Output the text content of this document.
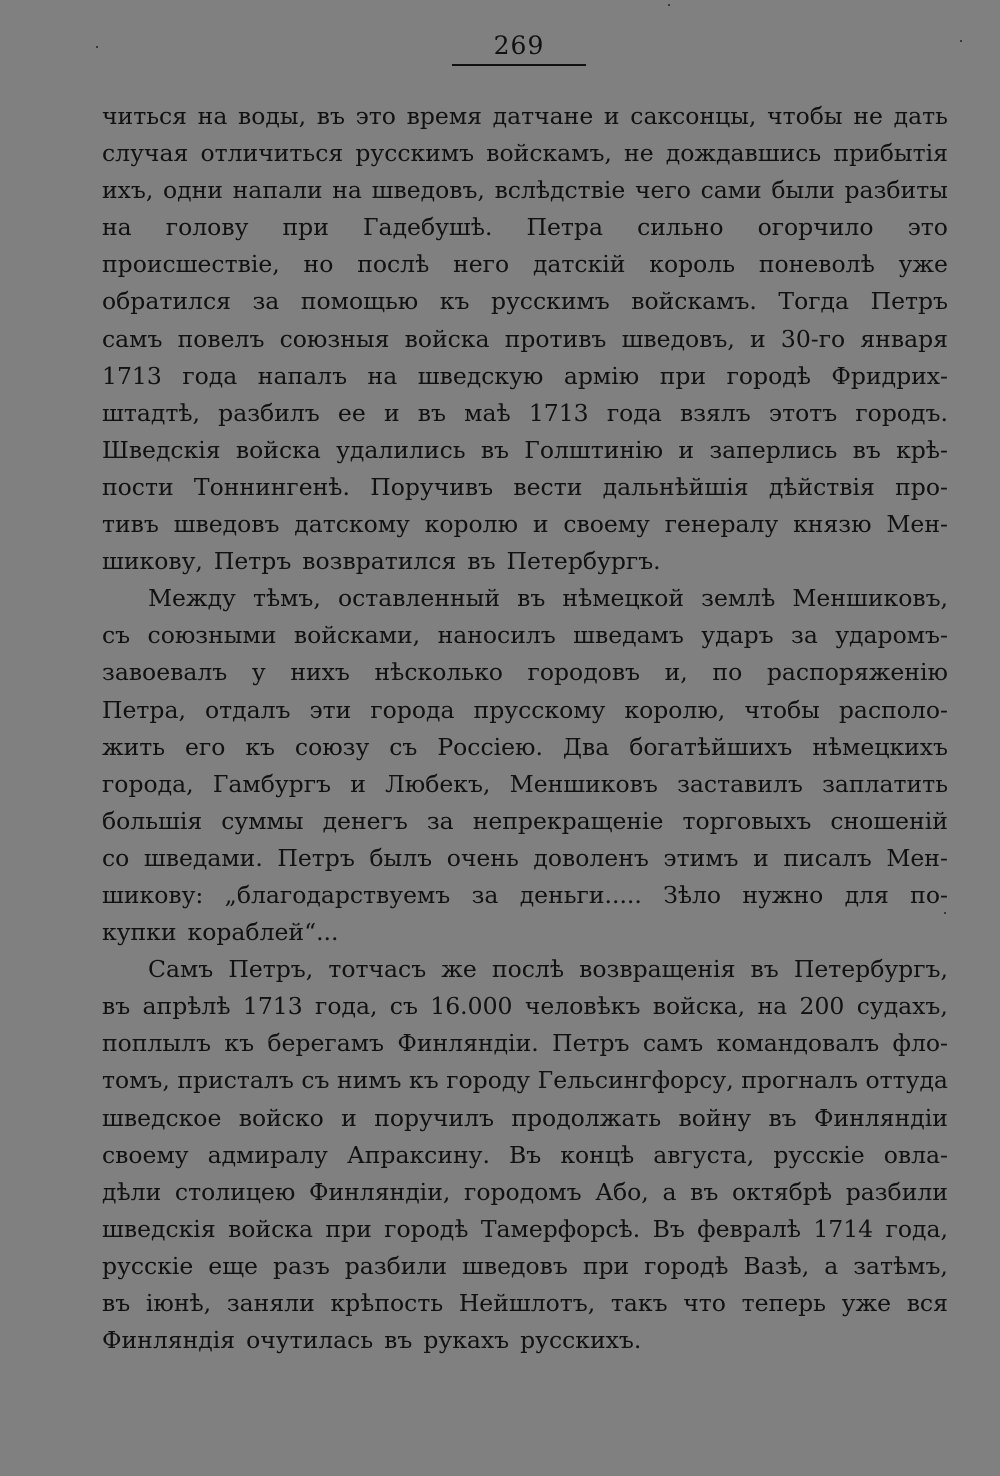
269
читься на воды, въ это время датчане и саксонцы, чтобы не дать
случая отличиться русскимъ войскамъ, не дождавшись прибытія
ихъ, одни напали на шведовъ, вслѣдствіе чего сами были разбиты
на голову при Гадебушѣ. Петра сильно огорчило это
происшествіе, но послѣ него датскій король поневолѣ уже
обратился за помощью къ русскимъ войскамъ. Тогда Петръ
самъ повелъ союзныя войска противъ шведовъ, и 30-го января
1713 года напалъ на шведскую армію при городѣ Фридрих-
штадтѣ, разбилъ ее и въ маѣ 1713 года взялъ этотъ городъ.
Шведскія войска удалились въ Голштинію и заперлись въ крѣ-
пости Тоннингенѣ. Поручивъ вести дальнѣйшія дѣйствія про-
тивъ шведовъ датскому королю и своему генералу князю Мен-
шикову, Петръ возвратился въ Петербургъ.
Между тѣмъ, оставленный въ нѣмецкой землѣ Меншиковъ,
съ союзными войсками, наносилъ шведамъ ударъ за ударомъ-
завоевалъ у нихъ нѣсколько городовъ и, по распоряженію
Петра, отдалъ эти города прусскому королю, чтобы располо-
жить его къ союзу съ Россіею. Два богатѣйшихъ нѣмецкихъ
города, Гамбургъ и Любекъ, Меншиковъ заставилъ заплатить
большія суммы денегъ за непрекращеніе торговыхъ сношеній
со шведами. Петръ былъ очень доволенъ этимъ и писалъ Мен-
шикову: „благодарствуемъ за деньги..... Зѣло нужно для по-
купки кораблей“...
Самъ Петръ, тотчасъ же послѣ возвращенія въ Петербургъ,
въ апрѣлѣ 1713 года, съ 16.000 человѣкъ войска, на 200 судахъ,
поплылъ къ берегамъ Финляндіи. Петръ самъ командовалъ фло-
томъ, присталъ съ нимъ къ городу Гельсингфорсу, прогналъ оттуда
шведское войско и поручилъ продолжать войну въ Финляндіи
своему адмиралу Апраксину. Въ концѣ августа, русскіе овла-
дѣли столицею Финляндіи, городомъ Або, а въ октябрѣ разбили
шведскія войска при городѣ Тамерфорсѣ. Въ февралѣ 1714 года,
русскіе еще разъ разбили шведовъ при городѣ Вазѣ, а затѣмъ,
въ іюнѣ, заняли крѣпость Нейшлотъ, такъ что теперь уже вся
Финляндія очутилась въ рукахъ русскихъ.
